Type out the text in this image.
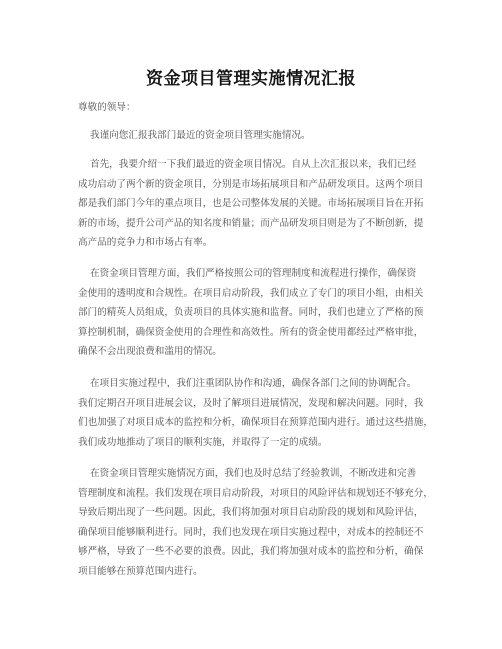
资金项目管理实施情况汇报
尊敬的领导：
我谨向您汇报我部门最近的资金项目管理实施情况。
首先，我要介绍一下我们最近的资金项目情况。自从上次汇报以来，我们已经
成功启动了两个新的资金项目，分别是市场拓展项目和产品研发项目。这两个项目
都是我们部门今年的重点项目，也是公司整体发展的关键。市场拓展项目旨在开拓
新的市场，提升公司产品的知名度和销量；而产品研发项目则是为了不断创新，提
高产品的竞争力和市场占有率。
在资金项目管理方面，我们严格按照公司的管理制度和流程进行操作，确保资
金使用的透明度和合规性。在项目启动阶段，我们成立了专门的项目小组，由相关
部门的精英人员组成，负责项目的具体实施和监督。同时，我们也建立了严格的预
算控制机制，确保资金使用的合理性和高效性。所有的资金使用都经过严格审批，
确保不会出现浪费和滥用的情况。
在项目实施过程中，我们注重团队协作和沟通，确保各部门之间的协调配合。
我们定期召开项目进展会议，及时了解项目进展情况，发现和解决问题。同时，我
们也加强了对项目成本的监控和分析，确保项目在预算范围内进行。通过这些措施，
我们成功地推动了项目的顺利实施，并取得了一定的成绩。
在资金项目管理实施情况方面，我们也及时总结了经验教训，不断改进和完善
管理制度和流程。我们发现在项目启动阶段，对项目的风险评估和规划还不够充分，
导致后期出现了一些问题。因此，我们将加强对项目启动阶段的规划和风险评估，
确保项目能够顺利进行。同时，我们也发现在项目实施过程中，对成本的控制还不
够严格，导致了一些不必要的浪费。因此，我们将加强对成本的监控和分析，确保
项目能够在预算范围内进行。
